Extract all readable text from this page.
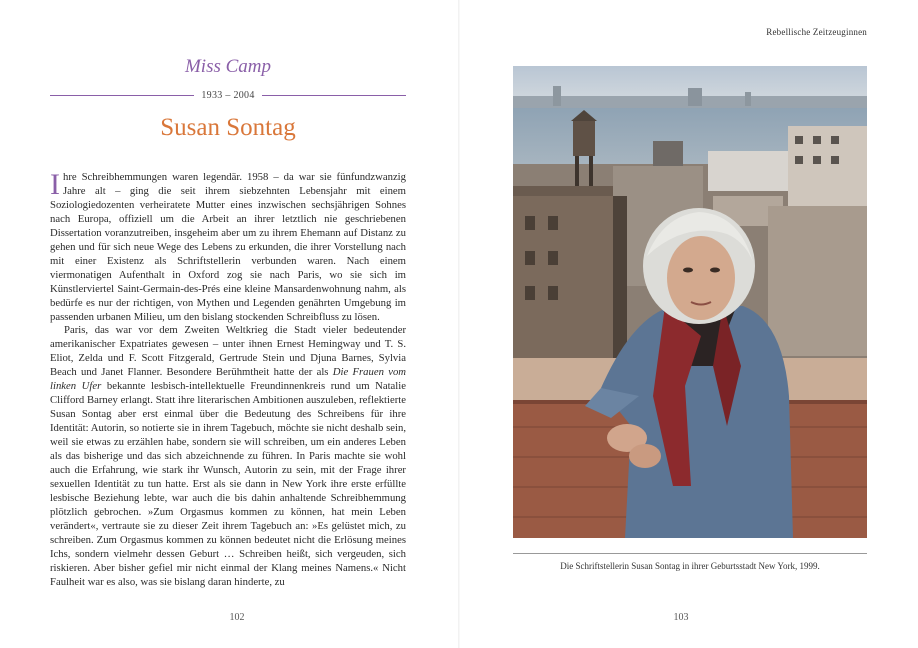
Miss Camp
1933 – 2004
Susan Sontag

Ihre Schreibhemmungen waren legendär. 1958 – da war sie fünfundzwanzig Jahre alt – ging die seit ihrem siebzehnten Lebensjahr mit einem Soziologiedozenten verheiratete Mutter eines inzwischen sechsjährigen Sohnes nach Europa, offiziell um die Arbeit an ihrer letztlich nie geschriebenen Dissertation voranzutreiben, insgeheim aber um zu ihrem Ehemann auf Distanz zu gehen und für sich neue Wege des Lebens zu erkunden, die ihrer Vorstellung nach mit einer Existenz als Schriftstellerin verbunden waren. Nach einem viermonatigen Aufenthalt in Oxford zog sie nach Paris, wo sie sich im Künstlerviertel Saint-Germain-des-Prés eine kleine Mansardenwohnung nahm, als bedürfe es nur der richtigen, von Mythen und Legenden genährten Umgebung im passenden urbanen Milieu, um den bislang stockenden Schreibfluss zu lösen.

Paris, das war vor dem Zweiten Weltkrieg die Stadt vieler bedeutender amerikanischer Expatriates gewesen – unter ihnen Ernest Hemingway und T. S. Eliot, Zelda und F. Scott Fitzgerald, Gertrude Stein und Djuna Barnes, Sylvia Beach und Janet Flanner. Besondere Berühmtheit hatte der als Die Frauen vom linken Ufer bekannte lesbisch-intellektuelle Freundinnenkreis rund um Natalie Clifford Barney erlangt. Statt ihre literarischen Ambitionen auszuleben, reflektierte Susan Sontag aber erst einmal über die Bedeutung des Schreibens für ihre Identität: Autorin, so notierte sie in ihrem Tagebuch, möchte sie nicht deshalb sein, weil sie etwas zu erzählen habe, sondern sie will schreiben, um ein anderes Leben als das bisherige und das sich abzeichnende zu führen. In Paris machte sie wohl auch die Erfahrung, wie stark ihr Wunsch, Autorin zu sein, mit der Frage ihrer sexuellen Identität zu tun hatte. Erst als sie dann in New York ihre erste erfüllte lesbische Beziehung lebte, war auch die bis dahin anhaltende Schreibhemmung plötzlich gebrochen. »Zum Orgasmus kommen zu können, hat mein Leben verändert«, vertraute sie zu dieser Zeit ihrem Tagebuch an: »Es gelüstet mich, zu schreiben. Zum Orgasmus kommen zu können bedeutet nicht die Erlösung meines Ichs, sondern vielmehr dessen Geburt … Schreiben heißt, sich vergeuden, sich riskieren. Aber bisher gefiel mir nicht einmal der Klang meines Namens.« Nicht Faulheit war es also, was sie bislang daran hinderte, zu

102
Rebellische Zeitzeuginnen
Die Schriftstellerin Susan Sontag in ihrer Geburtsstadt New York, 1999.
103
